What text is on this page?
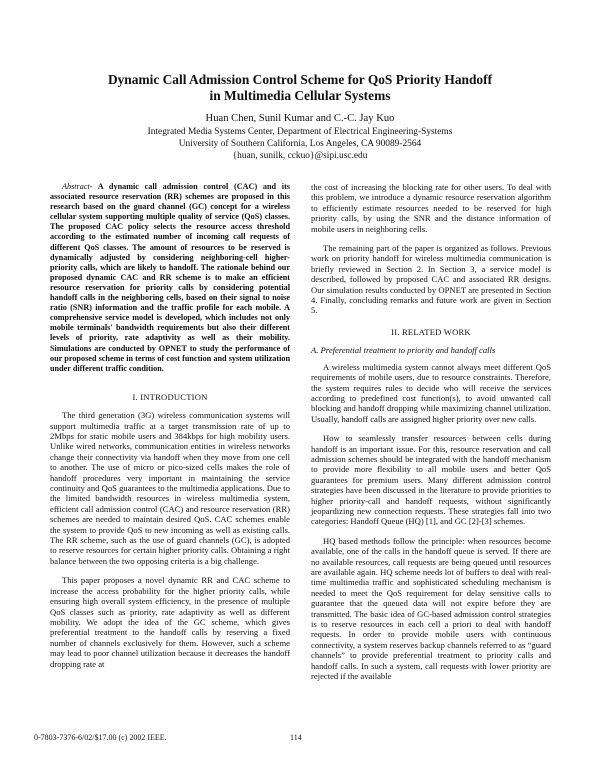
Dynamic Call Admission Control Scheme for QoS Priority Handoff
in Multimedia Cellular Systems
Huan Chen, Sunil Kumar and C.-C. Jay Kuo
Integrated Media Systems Center, Department of Electrical Engineering-Systems
University of Southern California, Los Angeles, CA 90089-2564
{huan, sunilk, cckuo}@sipi.usc.edu

Abstract- A dynamic call admission control (CAC) and its associated resource reservation (RR) schemes are proposed in this research based on the guard channel (GC) concept for a wireless cellular system supporting multiple quality of service (QoS) classes. The proposed CAC policy selects the resource access threshold according to the estimated number of incoming call requests of different QoS classes. The amount of resources to be reserved is dynamically adjusted by considering neighboring-cell higher-priority calls, which are likely to handoff. The rationale behind our proposed dynamic CAC and RR scheme is to make an efficient resource reservation for priority calls by considering potential handoff calls in the neighboring cells, based on their signal to noise ratio (SNR) information and the traffic profile for each mobile. A comprehensive service model is developed, which includes not only mobile terminals' bandwidth requirements but also their different levels of priority, rate adaptivity as well as their mobility. Simulations are conducted by OPNET to study the performance of our proposed scheme in terms of cost function and system utilization under different traffic condition.

I. INTRODUCTION

The third generation (3G) wireless communication systems will support multimedia traffic at a target transmission rate of up to 2Mbps for static mobile users and 384kbps for high mobility users. Unlike wired networks, communication entities in wireless networks change their connectivity via handoff when they move from one cell to another. The use of micro or pico-sized cells makes the role of handoff procedures very important in maintaining the service continuity and QoS guarantees to the multimedia applications. Due to the limited bandwidth resources in wireless multimedia system, efficient call admission control (CAC) and resource reservation (RR) schemes are needed to maintain desired QoS. CAC schemes enable the system to provide QoS to new incoming as well as existing calls. The RR scheme, such as the use of guard channels (GC), is adopted to reserve resources for certain higher priority calls. Obtaining a right balance between the two opposing criteria is a big challenge.

This paper proposes a novel dynamic RR and CAC scheme to increase the access probability for the higher priority calls, while ensuring high overall system efficiency, in the presence of multiple QoS classes such as priority, rate adaptivity as well as different mobility. We adopt the idea of the GC scheme, which gives preferential treatment to the handoff calls by reserving a fixed number of channels exclusively for them. However, such a scheme may lead to poor channel utilization because it decreases the handoff dropping rate at

the cost of increasing the blocking rate for other users. To deal with this problem, we introduce a dynamic resource reservation algorithm to efficiently estimate resources needed to be reserved for high priority calls, by using the SNR and the distance information of mobile users in neighboring cells.

The remaining part of the paper is organized as follows. Previous work on priority handoff for wireless multimedia communication is briefly reviewed in Section 2. In Section 3, a service model is described, followed by proposed CAC and associated RR designs. Our simulation results conducted by OPNET are presented in Section 4. Finally, concluding remarks and future work are given in Section 5.

II. RELATED WORK
A. Preferential treatment to priority and handoff calls

A wireless multimedia system cannot always meet different QoS requirements of mobile users, due to resource constraints. Therefore, the system requires rules to decide who will receive the services according to predefined cost function(s), to avoid unwanted call blocking and handoff dropping while maximizing channel utilization. Usually, handoff calls are assigned higher priority over new calls.

How to seamlessly transfer resources between cells during handoff is an important issue. For this, resource reservation and call admission schemes should be integrated with the handoff mechanism to provide more flexibility to all mobile users and better QoS guarantees for premium users. Many different admission control strategies have been discussed in the literature to provide priorities to higher priority-call and handoff requests, without significantly jeopardizing new connection requests. These strategies fall into two categories: Handoff Queue (HQ) [1], and GC [2]-[3] schemes.

HQ based methods follow the principle: when resources become available, one of the calls in the handoff queue is served. If there are no available resources, call requests are being queued until resources are available again. HQ scheme needs lot of buffers to deal with real-time multimedia traffic and sophisticated scheduling mechanism is needed to meet the QoS requirement for delay sensitive calls to guarantee that the queued data will not expire before they are transmitted. The basic idea of GC-based admission control strategies is to reserve resources in each cell a priori to deal with handoff requests. In order to provide mobile users with continuous connectivity, a system reserves backup channels referred to as “guard channels” to provide preferential treatment to priority calls and handoff calls. In such a system, call requests with lower priority are rejected if the available

0-7803-7376-6/02/$17.00 (c) 2002 IEEE.	114
